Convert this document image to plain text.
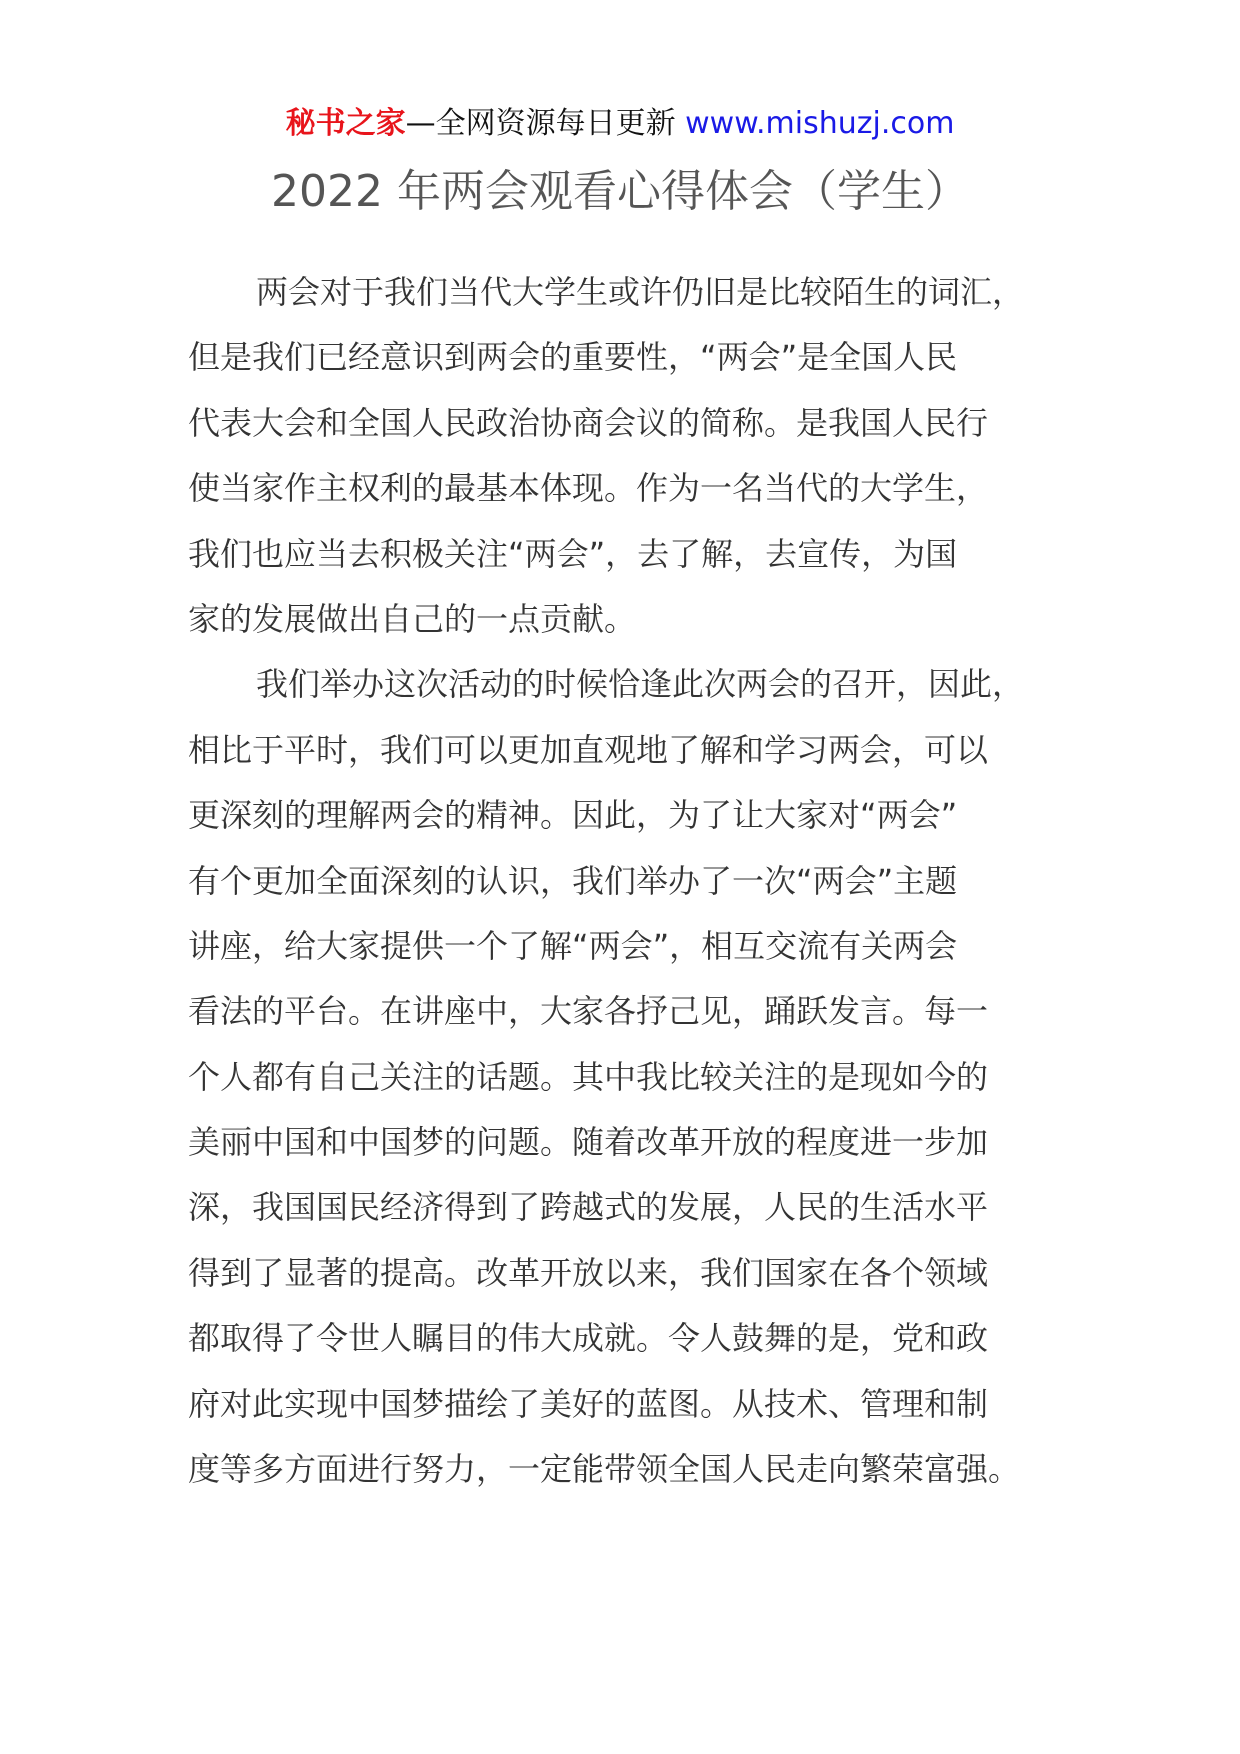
秘书之家—全网资源每日更新 www.mishuzj.com
2022 年两会观看心得体会（学生）
两会对于我们当代大学生或许仍旧是比较陌生的词汇，
但是我们已经意识到两会的重要性，“两会”是全国人民
代表大会和全国人民政治协商会议的简称。是我国人民行
使当家作主权利的最基本体现。作为一名当代的大学生，
我们也应当去积极关注“两会”，去了解，去宣传，为国
家的发展做出自己的一点贡献。
我们举办这次活动的时候恰逢此次两会的召开，因此，
相比于平时，我们可以更加直观地了解和学习两会，可以
更深刻的理解两会的精神。因此，为了让大家对“两会”
有个更加全面深刻的认识，我们举办了一次“两会”主题
讲座，给大家提供一个了解“两会”，相互交流有关两会
看法的平台。在讲座中，大家各抒己见，踊跃发言。每一
个人都有自己关注的话题。其中我比较关注的是现如今的
美丽中国和中国梦的问题。随着改革开放的程度进一步加
深，我国国民经济得到了跨越式的发展，人民的生活水平
得到了显著的提高。改革开放以来，我们国家在各个领域
都取得了令世人瞩目的伟大成就。令人鼓舞的是，党和政
府对此实现中国梦描绘了美好的蓝图。从技术、管理和制
度等多方面进行努力，一定能带领全国人民走向繁荣富强。
